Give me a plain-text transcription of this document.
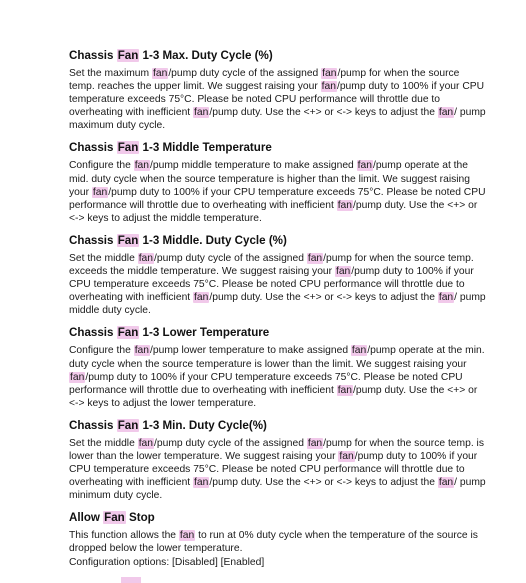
Chassis Fan 1-3 Max. Duty Cycle (%)

Set the maximum fan/pump duty cycle of the assigned fan/pump for when the source temp. reaches the upper limit. We suggest raising your fan/pump duty to 100% if your CPU temperature exceeds 75°C. Please be noted CPU performance will throttle due to overheating with inefficient fan/pump duty. Use the <+> or <-> keys to adjust the fan/ pump maximum duty cycle.

Chassis Fan 1-3 Middle Temperature

Configure the fan/pump middle temperature to make assigned fan/pump operate at the mid. duty cycle when the source temperature is higher than the limit. We suggest raising your fan/pump duty to 100% if your CPU temperature exceeds 75°C. Please be noted CPU performance will throttle due to overheating with inefficient fan/pump duty. Use the <+> or <-> keys to adjust the middle temperature.

Chassis Fan 1-3 Middle. Duty Cycle (%)

Set the middle fan/pump duty cycle of the assigned fan/pump for when the source temp. exceeds the middle temperature. We suggest raising your fan/pump duty to 100% if your CPU temperature exceeds 75°C. Please be noted CPU performance will throttle due to overheating with inefficient fan/pump duty. Use the <+> or <-> keys to adjust the fan/ pump middle duty cycle.

Chassis Fan 1-3 Lower Temperature

Configure the fan/pump lower temperature to make assigned fan/pump operate at the min. duty cycle when the source temperature is lower than the limit. We suggest raising your fan/pump duty to 100% if your CPU temperature exceeds 75°C. Please be noted CPU performance will throttle due to overheating with inefficient fan/pump duty. Use the <+> or <-> keys to adjust the lower temperature.

Chassis Fan 1-3 Min. Duty Cycle(%)

Set the middle fan/pump duty cycle of the assigned fan/pump for when the source temp. is lower than the lower temperature. We suggest raising your fan/pump duty to 100% if your CPU temperature exceeds 75°C. Please be noted CPU performance will throttle due to overheating with inefficient fan/pump duty. Use the <+> or <-> keys to adjust the fan/ pump minimum duty cycle.

Allow Fan Stop

This function allows the fan to run at 0% duty cycle when the temperature of the source is dropped below the lower temperature.

Configuration options: [Disabled] [Enabled]
